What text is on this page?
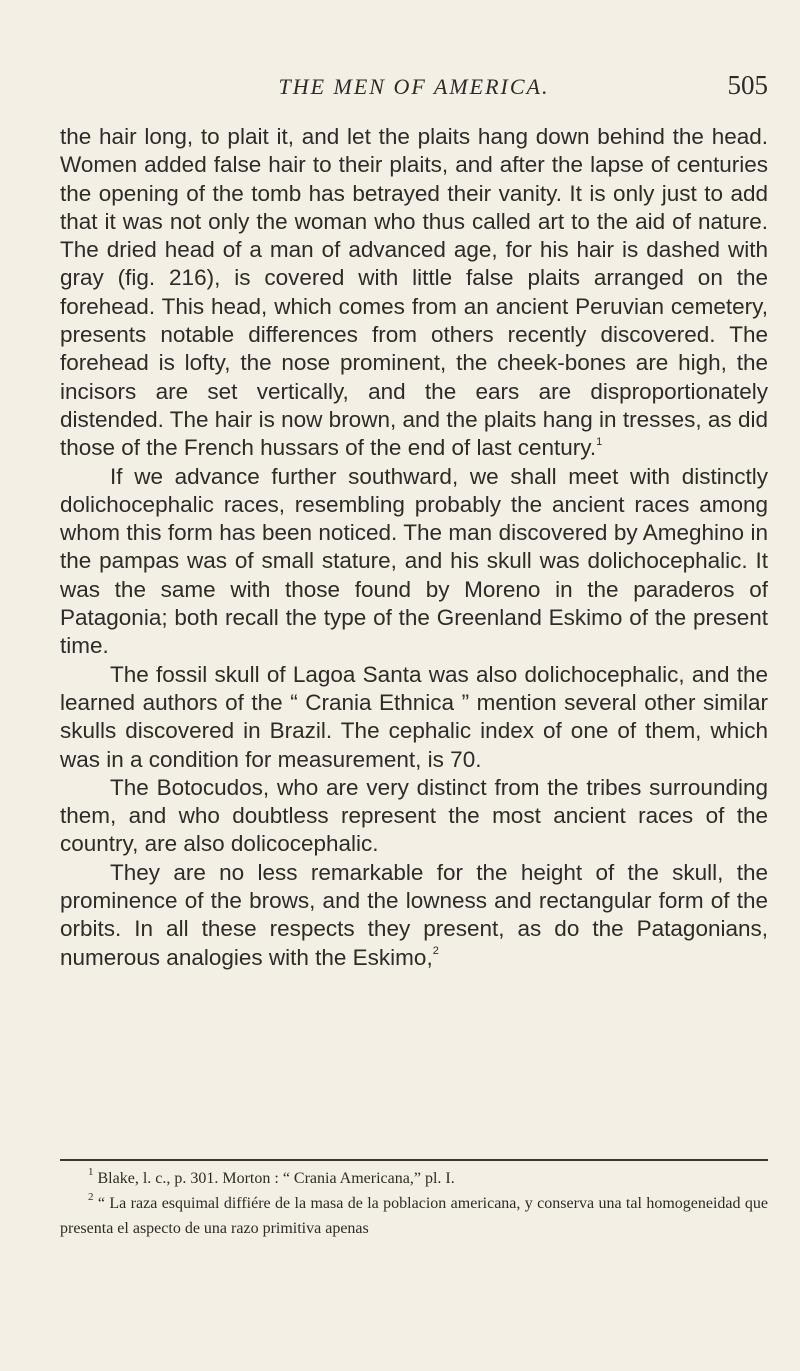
THE MEN OF AMERICA.	505

the hair long, to plait it, and let the plaits hang down behind the head. Women added false hair to their plaits, and after the lapse of centuries the opening of the tomb has betrayed their vanity. It is only just to add that it was not only the woman who thus called art to the aid of nature. The dried head of a man of advanced age, for his hair is dashed with gray (fig. 216), is covered with little false plaits arranged on the forehead. This head, which comes from an ancient Peruvian cemetery, presents notable differences from others recently discovered. The forehead is lofty, the nose prominent, the cheek-bones are high, the incisors are set vertically, and the ears are disproportionately distended. The hair is now brown, and the plaits hang in tresses, as did those of the French hussars of the end of last century.$^1$

If we advance further southward, we shall meet with distinctly dolichocephalic races, resembling probably the ancient races among whom this form has been noticed. The man discovered by Ameghino in the pampas was of small stature, and his skull was dolichocephalic. It was the same with those found by Moreno in the paraderos of Patagonia; both recall the type of the Greenland Eskimo of the present time.

The fossil skull of Lagoa Santa was also dolichocephalic, and the learned authors of the “ Crania Ethnica ” mention several other similar skulls discovered in Brazil. The cephalic index of one of them, which was in a condition for measurement, is 70.

The Botocudos, who are very distinct from the tribes surrounding them, and who doubtless represent the most ancient races of the country, are also dolicocephalic.

They are no less remarkable for the height of the skull, the prominence of the brows, and the lowness and rectangular form of the orbits. In all these respects they present, as do the Patagonians, numerous analogies with the Eskimo,$^2$

$^1$ Blake, l. c., p. 301. Morton : “ Crania Americana,” pl. I.

$^2$ “ La raza esquimal diffiére de la masa de la poblacion americana, y conserva una tal homogeneidad que presenta el aspecto de una razo primitiva apenas
